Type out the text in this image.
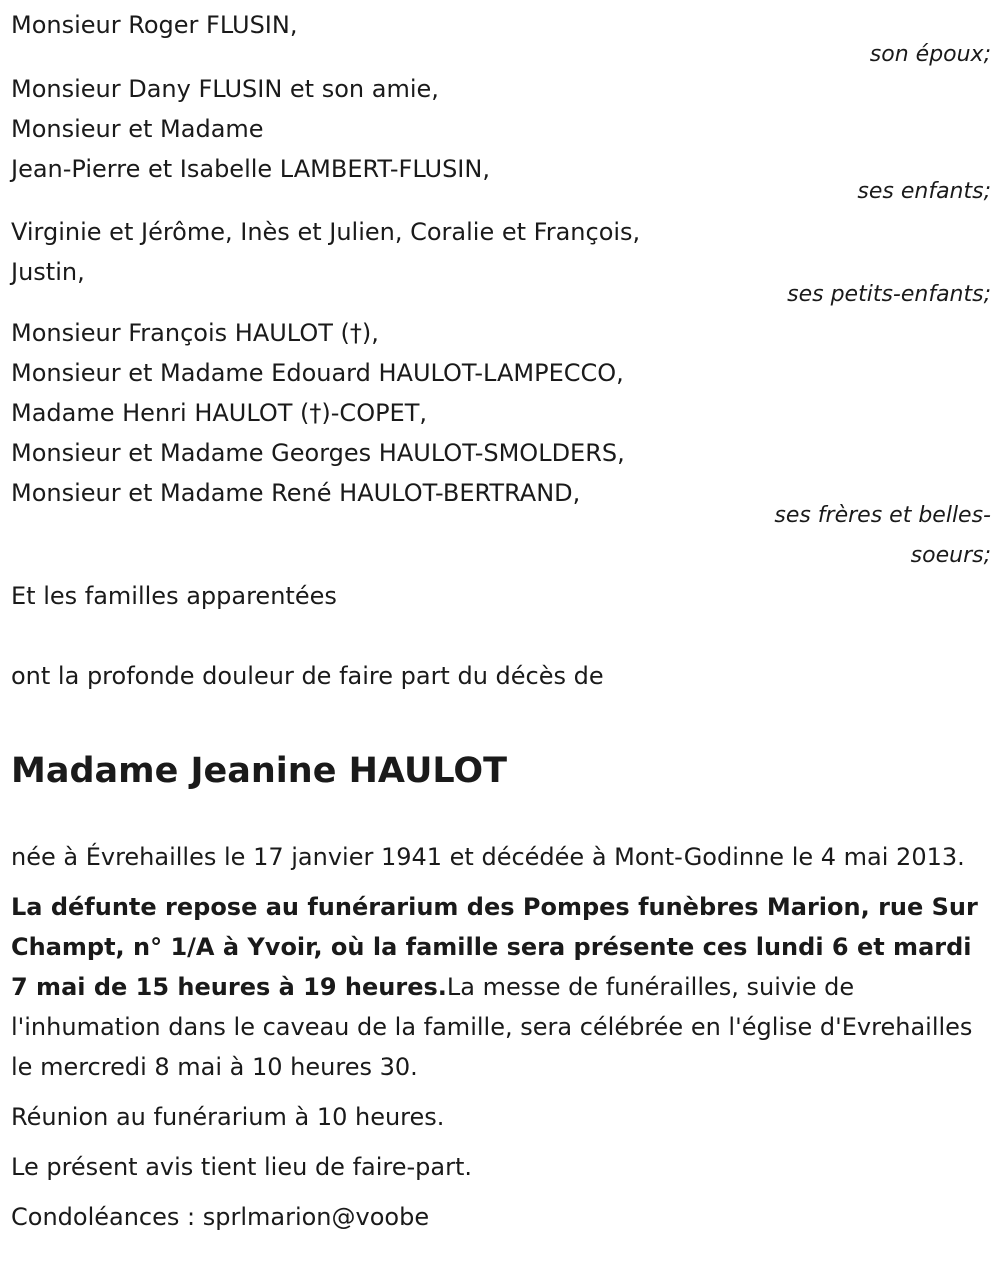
Monsieur Roger FLUSIN,
son époux;
Monsieur Dany FLUSIN et son amie,
Monsieur et Madame
Jean-Pierre et Isabelle LAMBERT-FLUSIN,
ses enfants;
Virginie et Jérôme, Inès et Julien, Coralie et François,
Justin,
ses petits-enfants;
Monsieur François HAULOT (†),
Monsieur et Madame Edouard HAULOT-LAMPECCO,
Madame Henri HAULOT (†)-COPET,
Monsieur et Madame Georges HAULOT-SMOLDERS,
Monsieur et Madame René HAULOT-BERTRAND,
ses frères et belles-
soeurs;
Et les familles apparentées
ont la profonde douleur de faire part du décès de
Madame Jeanine HAULOT

née à Évrehailles le 17 janvier 1941 et décédée à Mont-Godinne le 4 mai 2013.

La défunte repose au funérarium des Pompes funèbres Marion, rue Sur Champt, n° 1/A à Yvoir, où la famille sera présente ces lundi 6 et mardi 7 mai de 15 heures à 19 heures.La messe de funérailles, suivie de l'inhumation dans le caveau de la famille, sera célébrée en l'église d'Evrehailles le mercredi 8 mai à 10 heures 30.

Réunion au funérarium à 10 heures.

Le présent avis tient lieu de faire-part.

Condoléances : sprlmarion@voobe
